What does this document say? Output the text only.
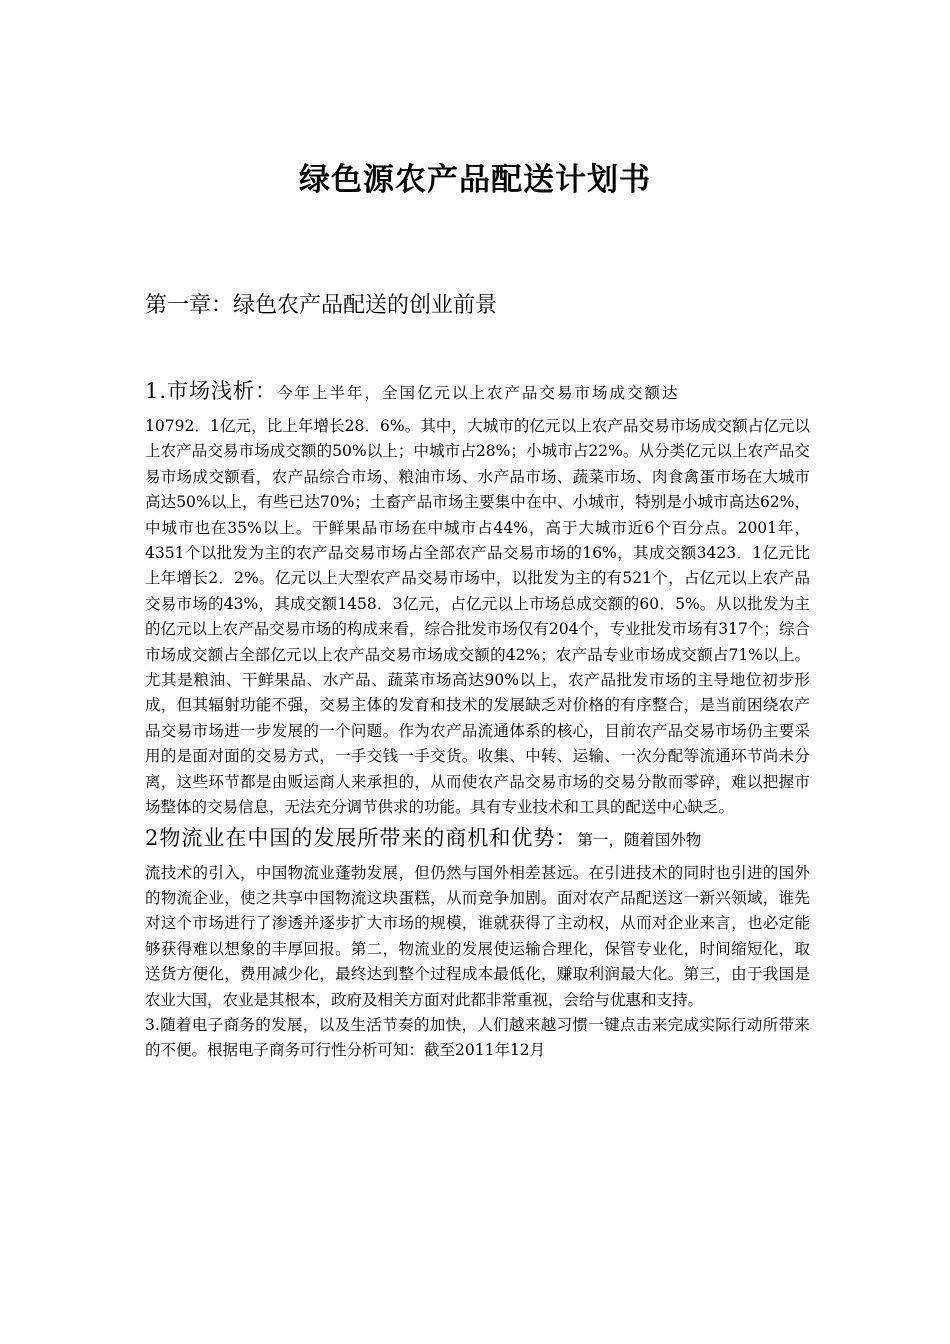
绿色源农产品配送计划书
第一章：绿色农产品配送的创业前景

1.市场浅析：今年上半年，全国亿元以上农产品交易市场成交额达
10792．1亿元，比上年增长28．6%。其中，大城市的亿元以上农产品交易市场成交额占亿元以上农产品交易市场成交额的50%以上；中城市占28%；小城市占22%。从分类亿元以上农产品交易市场成交额看，农产品综合市场、粮油市场、水产品市场、蔬菜市场、肉食禽蛋市场在大城市高达50%以上，有些已达70%；土畜产品市场主要集中在中、小城市，特别是小城市高达62%，中城市也在35%以上。干鲜果品市场在中城市占44%，高于大城市近6个百分点。2001年，4351个以批发为主的农产品交易市场占全部农产品交易市场的16%，其成交额3423．1亿元比上年增长2．2%。亿元以上大型农产品交易市场中，以批发为主的有521个，占亿元以上农产品交易市场的43%，其成交额1458．3亿元，占亿元以上市场总成交额的60．5%。从以批发为主的亿元以上农产品交易市场的构成来看，综合批发市场仅有204个，专业批发市场有317个；综合市场成交额占全部亿元以上农产品交易市场成交额的42%；农产品专业市场成交额占71%以上。尤其是粮油、干鲜果品、水产品、蔬菜市场高达90%以上，农产品批发市场的主导地位初步形成，但其辐射功能不强，交易主体的发育和技术的发展缺乏对价格的有序整合，是当前困绕农产品交易市场进一步发展的一个问题。作为农产品流通体系的核心，目前农产品交易市场仍主要采用的是面对面的交易方式，一手交钱一手交货。收集、中转、运输、一次分配等流通环节尚未分离，这些环节都是由贩运商人来承担的，从而使农产品交易市场的交易分散而零碎，难以把握市场整体的交易信息，无法充分调节供求的功能。具有专业技术和工具的配送中心缺乏。

2物流业在中国的发展所带来的商机和优势：第一，随着国外物
流技术的引入，中国物流业蓬勃发展，但仍然与国外相差甚远。在引进技术的同时也引进的国外的物流企业，使之共享中国物流这块蛋糕，从而竞争加剧。面对农产品配送这一新兴领域，谁先对这个市场进行了渗透并逐步扩大市场的规模，谁就获得了主动权，从而对企业来言，也必定能够获得难以想象的丰厚回报。第二，物流业的发展使运输合理化，保管专业化，时间缩短化，取送货方便化，费用减少化，最终达到整个过程成本最低化，赚取利润最大化。第三，由于我国是农业大国，农业是其根本，政府及相关方面对此都非常重视，会给与优惠和支持。

3.随着电子商务的发展，以及生活节奏的加快，人们越来越习惯一键点击来完成实际行动所带来的不便。根据电子商务可行性分析可知：截至2011年12月
